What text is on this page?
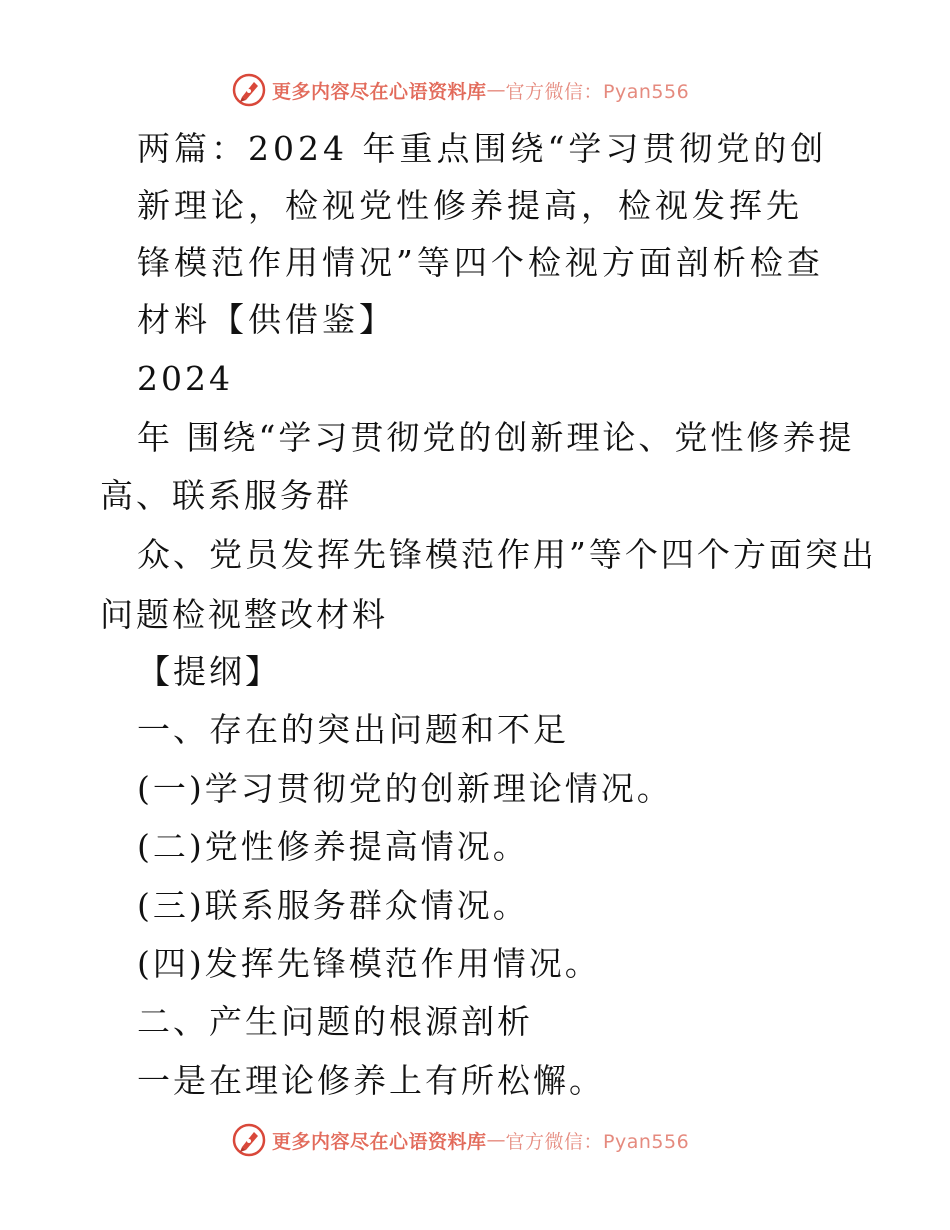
更多内容尽在心语资料库 — 官方微信：Pyan556
两篇：2024 年重点围绕“学习贯彻党的创
新理论，检视党性修养提高，检视发挥先
锋模范作用情况”等四个检视方面剖析检查
材料【供借鉴】
2024
年 围绕“学习贯彻党的创新理论、党性修养提
高、联系服务群
众、党员发挥先锋模范作用”等个四个方面突出
问题检视整改材料
【提纲】
一、存在的突出问题和不足
(一)学习贯彻党的创新理论情况。
(二)党性修养提高情况。
(三)联系服务群众情况。
(四)发挥先锋模范作用情况。
二、产生问题的根源剖析
一是在理论修养上有所松懈。
更多内容尽在心语资料库 — 官方微信：Pyan556
